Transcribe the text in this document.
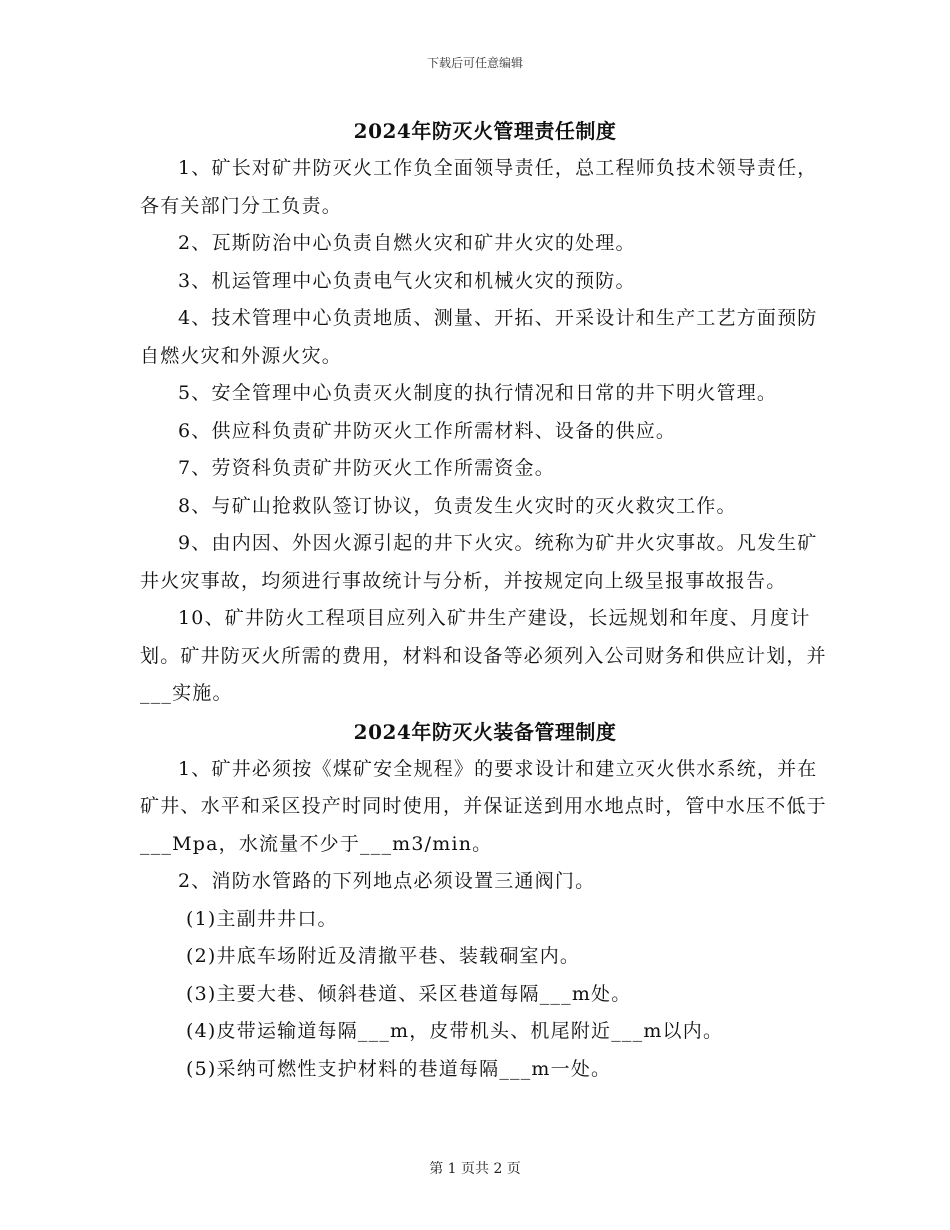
下载后可任意编辑
2024年防灭火管理责任制度

1、矿长对矿井防灭火工作负全面领导责任，总工程师负技术领导责任，各有关部门分工负责。

2、瓦斯防治中心负责自燃火灾和矿井火灾的处理。

3、机运管理中心负责电气火灾和机械火灾的预防。

4、技术管理中心负责地质、测量、开拓、开采设计和生产工艺方面预防自燃火灾和外源火灾。

5、安全管理中心负责灭火制度的执行情况和日常的井下明火管理。

6、供应科负责矿井防灭火工作所需材料、设备的供应。

7、劳资科负责矿井防灭火工作所需资金。

8、与矿山抢救队签订协议，负责发生火灾时的灭火救灾工作。

9、由内因、外因火源引起的井下火灾。统称为矿井火灾事故。凡发生矿井火灾事故，均须进行事故统计与分析，并按规定向上级呈报事故报告。

10、矿井防火工程项目应列入矿井生产建设，长远规划和年度、月度计划。矿井防灭火所需的费用，材料和设备等必须列入公司财务和供应计划，并___实施。

2024年防灭火装备管理制度

1、矿井必须按《煤矿安全规程》的要求设计和建立灭火供水系统，并在矿井、水平和采区投产时同时使用，并保证送到用水地点时，管中水压不低于___Mpa，水流量不少于___m3/min。

2、消防水管路的下列地点必须设置三通阀门。

(1)主副井井口。

(2)井底车场附近及清撤平巷、装载硐室内。

(3)主要大巷、倾斜巷道、采区巷道每隔___m处。

(4)皮带运输道每隔___m，皮带机头、机尾附近___m以内。

(5)采纳可燃性支护材料的巷道每隔___m一处。

第 1 页共 2 页
